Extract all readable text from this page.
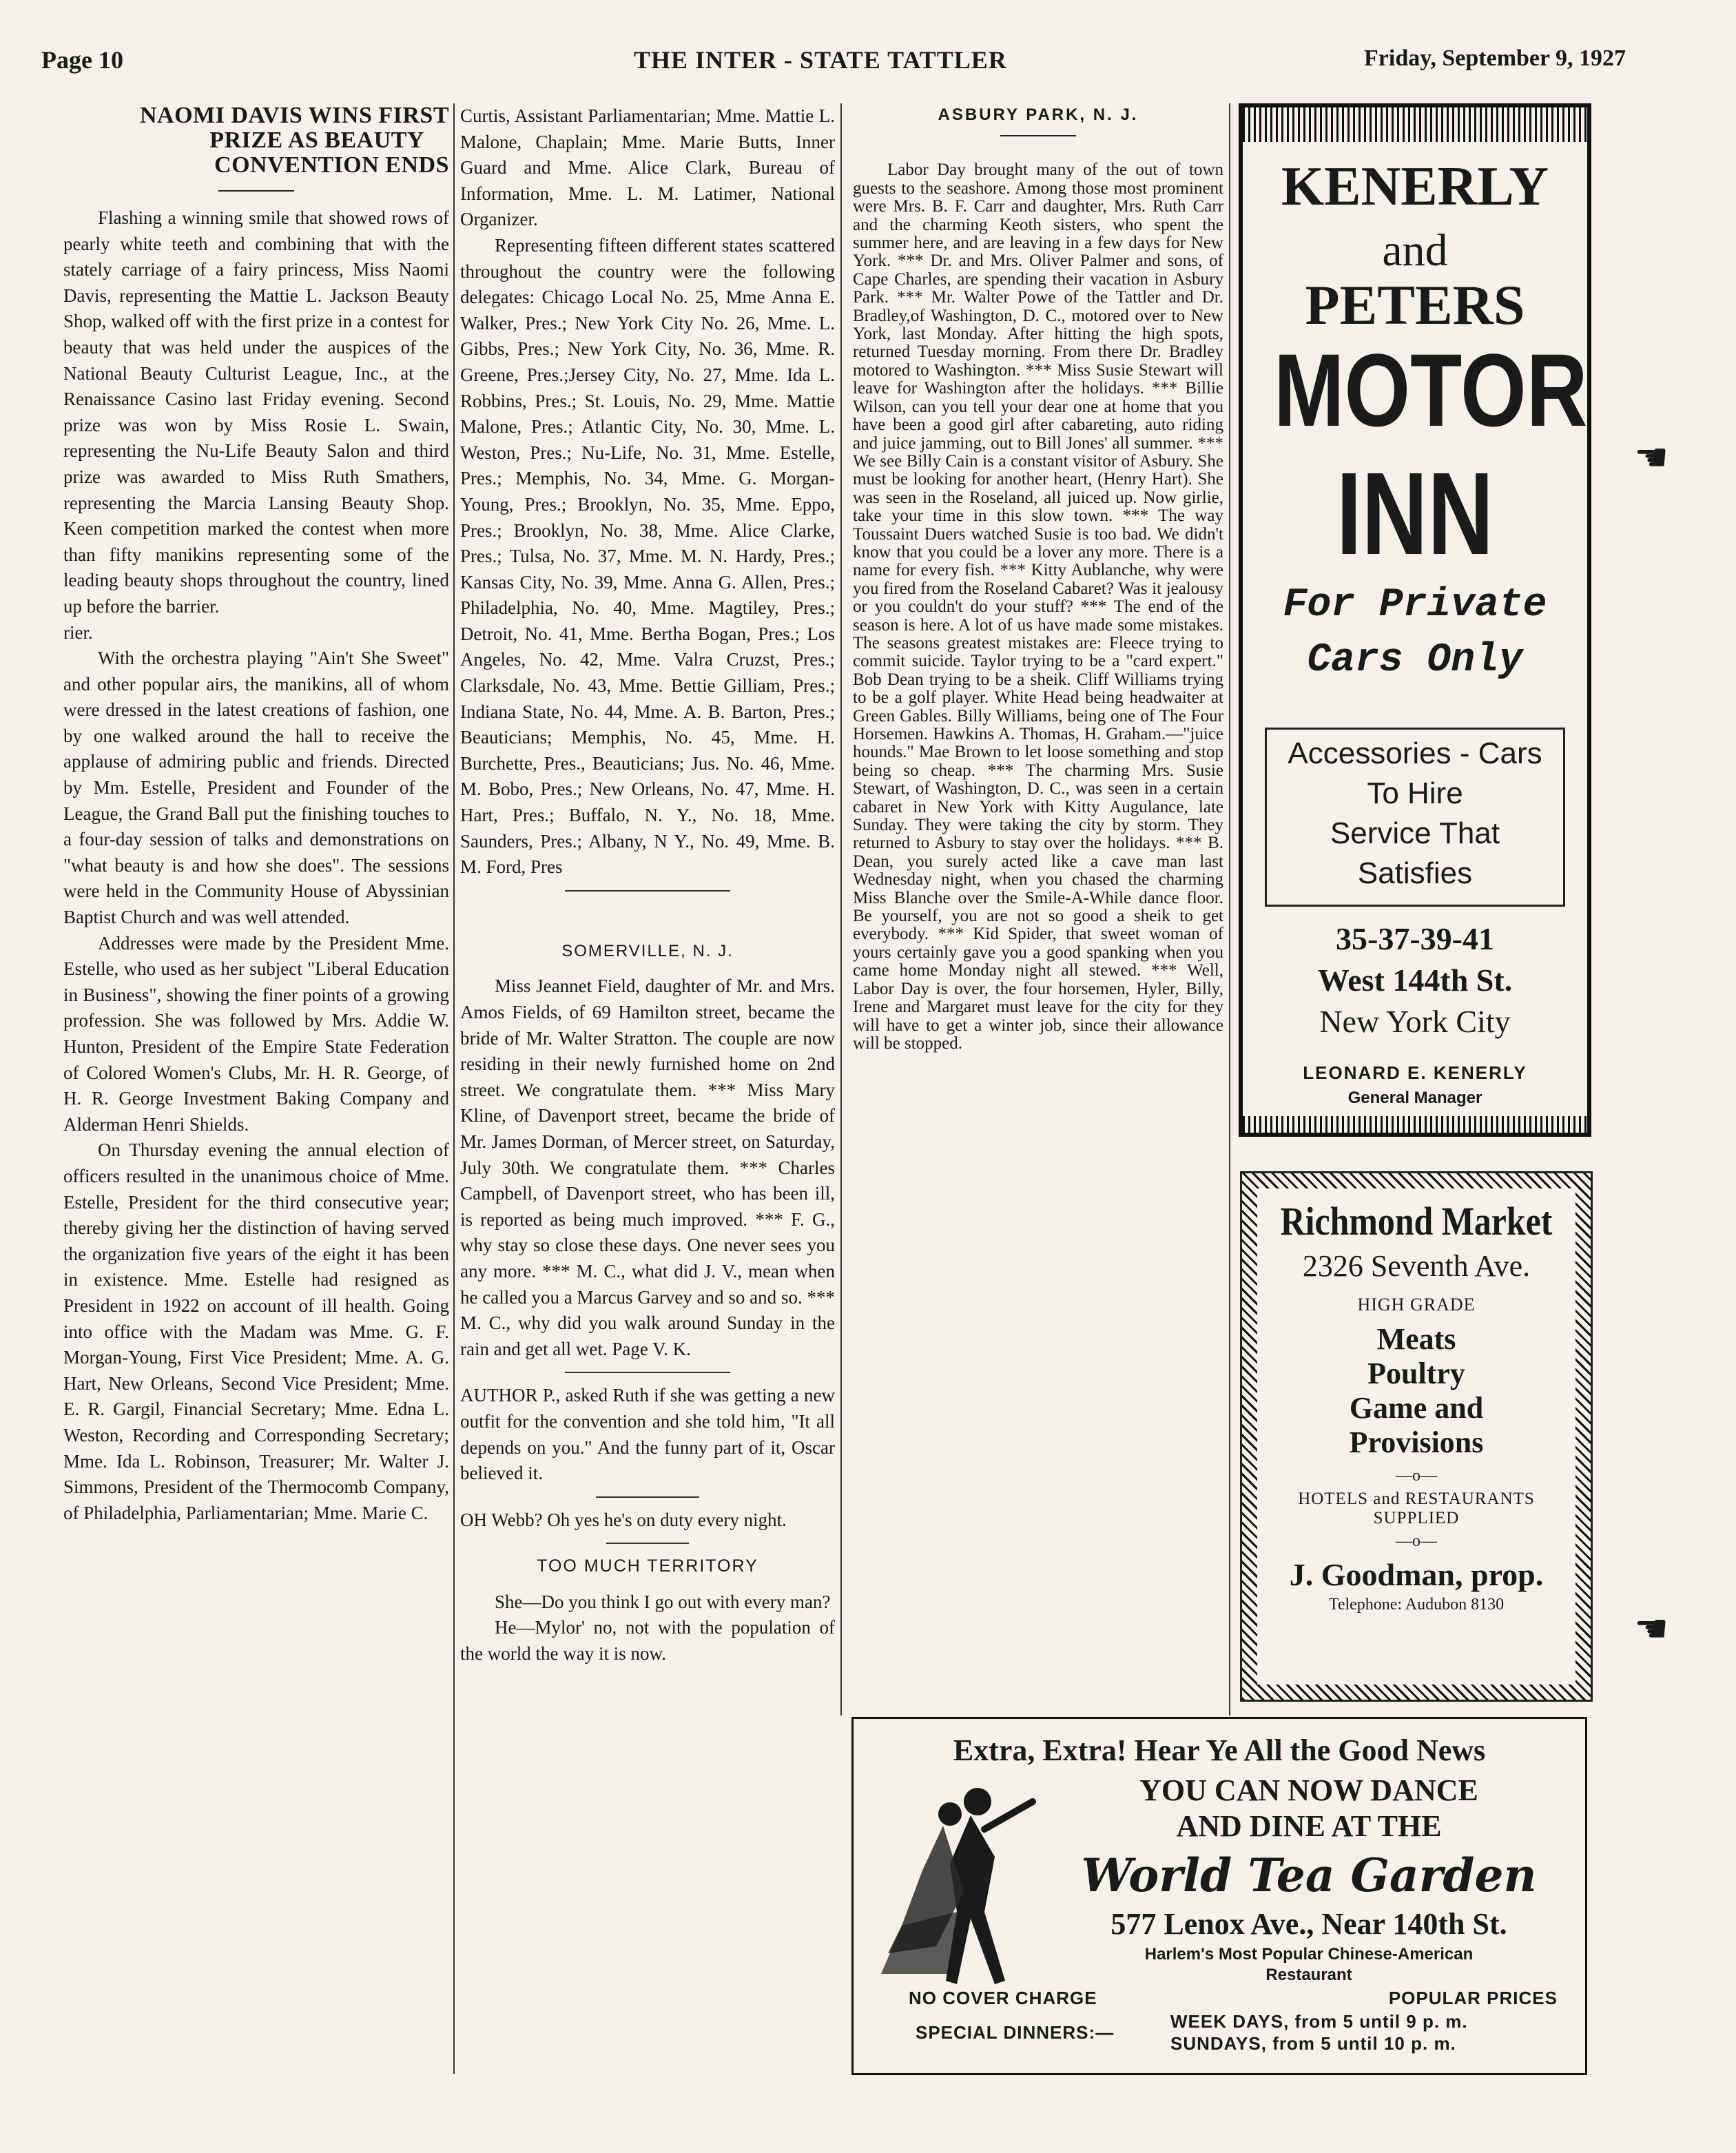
Page 10	THE INTER - STATE TATTLER	Friday, September 9, 1927
NAOMI DAVIS WINS FIRST
PRIZE AS BEAUTY
CONVENTION ENDS

Flashing a winning smile that showed rows of pearly white teeth and combining that with the stately carriage of a fairy princess, Miss Naomi Davis, representing the Mattie L. Jackson Beauty Shop, walked off with the first prize in a contest for beauty that was held under the auspices of the National Beauty Culturist League, Inc., at the Renaissance Casino last Friday evening. Second prize was won by Miss Rosie L. Swain, representing the Nu-Life Beauty Salon and third prize was awarded to Miss Ruth Smathers, representing the Marcia Lansing Beauty Shop. Keen competition marked the contest when more than fifty manikins representing some of the leading beauty shops throughout the country, lined up before the barrier.

rier.

With the orchestra playing "Ain't She Sweet" and other popular airs, the manikins, all of whom were dressed in the latest creations of fashion, one by one walked around the hall to receive the applause of admiring public and friends. Directed by Mm. Estelle, President and Founder of the League, the Grand Ball put the finishing touches to a four-day session of talks and demonstrations on "what beauty is and how she does". The sessions were held in the Community House of Abyssinian Baptist Church and was well attended.

Addresses were made by the President Mme. Estelle, who used as her subject "Liberal Education in Business", showing the finer points of a growing profession. She was followed by Mrs. Addie W. Hunton, President of the Empire State Federation of Colored Women's Clubs, Mr. H. R. George, of H. R. George Investment Baking Company and Alderman Henri Shields.

On Thursday evening the annual election of officers resulted in the unanimous choice of Mme. Estelle, President for the third consecutive year; thereby giving her the distinction of having served the organization five years of the eight it has been in existence. Mme. Estelle had resigned as President in 1922 on account of ill health. Going into office with the Madam was Mme. G. F. Morgan-Young, First Vice President; Mme. A. G. Hart, New Orleans, Second Vice President; Mme. E. R. Gargil, Financial Secretary; Mme. Edna L. Weston, Recording and Corresponding Secretary; Mme. Ida L. Robinson, Treasurer; Mr. Walter J. Simmons, President of the Thermocomb Company, of Philadelphia, Parliamentarian; Mme. Marie C.

Curtis, Assistant Parliamentarian; Mme. Mattie L. Malone, Chaplain; Mme. Marie Butts, Inner Guard and Mme. Alice Clark, Bureau of Information, Mme. L. M. Latimer, National Organizer.

Representing fifteen different states scattered throughout the country were the following delegates: Chicago Local No. 25, Mme Anna E. Walker, Pres.; New York City No. 26, Mme. L. Gibbs, Pres.; New York City, No. 36, Mme. R. Greene, Pres.;Jersey City, No. 27, Mme. Ida L. Robbins, Pres.; St. Louis, No. 29, Mme. Mattie Malone, Pres.; Atlantic City, No. 30, Mme. L. Weston, Pres.; Nu-Life, No. 31, Mme. Estelle, Pres.; Memphis, No. 34, Mme. G. Morgan-Young, Pres.; Brooklyn, No. 35, Mme. Eppo, Pres.; Brooklyn, No. 38, Mme. Alice Clarke, Pres.; Tulsa, No. 37, Mme. M. N. Hardy, Pres.; Kansas City, No. 39, Mme. Anna G. Allen, Pres.; Philadelphia, No. 40, Mme. Magtiley, Pres.; Detroit, No. 41, Mme. Bertha Bogan, Pres.; Los Angeles, No. 42, Mme. Valra Cruzst, Pres.; Clarksdale, No. 43, Mme. Bettie Gilliam, Pres.; Indiana State, No. 44, Mme. A. B. Barton, Pres.; Beauticians; Memphis, No. 45, Mme. H. Burchette, Pres., Beauticians; Jus. No. 46, Mme. M. Bobo, Pres.; New Orleans, No. 47, Mme. H. Hart, Pres.; Buffalo, N. Y., No. 18, Mme. Saunders, Pres.; Albany, N Y., No. 49, Mme. B. M. Ford, Pres

SOMERVILLE, N. J.

Miss Jeannet Field, daughter of Mr. and Mrs. Amos Fields, of 69 Hamilton street, became the bride of Mr. Walter Stratton. The couple are now residing in their newly furnished home on 2nd street. We congratulate them. *** Miss Mary Kline, of Davenport street, became the bride of Mr. James Dorman, of Mercer street, on Saturday, July 30th. We congratulate them. *** Charles Campbell, of Davenport street, who has been ill, is reported as being much improved. *** F. G., why stay so close these days. One never sees you any more. *** M. C., what did J. V., mean when he called you a Marcus Garvey and so and so. *** M. C., why did you walk around Sunday in the rain and get all wet. Page V. K.

AUTHOR P., asked Ruth if she was getting a new outfit for the convention and she told him, "It all depends on you." And the funny part of it, Oscar believed it.

OH Webb? Oh yes he's on duty every night.

TOO MUCH TERRITORY

She—Do you think I go out with every man?

He—Mylor' no, not with the population of the world the way it is now.

ASBURY PARK, N. J.

Labor Day brought many of the out of town guests to the seashore. Among those most prominent were Mrs. B. F. Carr and daughter, Mrs. Ruth Carr and the charming Keoth sisters, who spent the summer here, and are leaving in a few days for New York. *** Dr. and Mrs. Oliver Palmer and sons, of Cape Charles, are spending their vacation in Asbury Park. *** Mr. Walter Powe of the Tattler and Dr. Bradley,of Washington, D. C., motored over to New York, last Monday. After hitting the high spots, returned Tuesday morning. From there Dr. Bradley motored to Washington. *** Miss Susie Stewart will leave for Washington after the holidays. *** Billie Wilson, can you tell your dear one at home that you have been a good girl after cabareting, auto riding and juice jamming, out to Bill Jones' all summer. *** We see Billy Cain is a constant visitor of Asbury. She must be looking for another heart, (Henry Hart). She was seen in the Roseland, all juiced up. Now girlie, take your time in this slow town. *** The way Toussaint Duers watched Susie is too bad. We didn't know that you could be a lover any more. There is a name for every fish. *** Kitty Aublanche, why were you fired from the Roseland Cabaret? Was it jealousy or you couldn't do your stuff? *** The end of the season is here. A lot of us have made some mistakes. The seasons greatest mistakes are: Fleece trying to commit suicide. Taylor trying to be a "card expert." Bob Dean trying to be a sheik. Cliff Williams trying to be a golf player. White Head being headwaiter at Green Gables. Billy Williams, being one of The Four Horsemen. Hawkins A. Thomas, H. Graham.—"juice hounds." Mae Brown to let loose something and stop being so cheap. *** The charming Mrs. Susie Stewart, of Washington, D. C., was seen in a certain cabaret in New York with Kitty Augulance, late Sunday. They were taking the city by storm. They returned to Asbury to stay over the holidays. *** B. Dean, you surely acted like a cave man last Wednesday night, when you chased the charming Miss Blanche over the Smile-A-While dance floor. Be yourself, you are not so good a sheik to get everybody. *** Kid Spider, that sweet woman of yours certainly gave you a good spanking when you came home Monday night all stewed. *** Well, Labor Day is over, the four horsemen, Hyler, Billy, Irene and Margaret must leave for the city for they will have to get a winter job, since their allowance will be stopped.

KENERLY
and
PETERS
MOTOR
INN
For Private
Cars Only
Accessories - Cars
To Hire
Service That
Satisfies
35-37-39-41
West 144th St.
New York City
LEONARD E. KENERLY
General Manager
Richmond Market
2326 Seventh Ave.
HIGH GRADE
Meats
Poultry
Game and
Provisions
—o—
HOTELS and RESTAURANTS
SUPPLIED
—o—
J. Goodman, prop.
Telephone: Audubon 8130
☚
☚
Extra, Extra! Hear Ye All the Good News
YOU CAN NOW DANCE
AND DINE AT THE
World Tea Garden
577 Lenox Ave., Near 140th St.
Harlem's Most Popular Chinese-American
Restaurant
NO COVER CHARGE	POPULAR PRICES
SPECIAL DINNERS:—
WEEK DAYS, from 5 until 9 p. m.
SUNDAYS, from 5 until 10 p. m.
